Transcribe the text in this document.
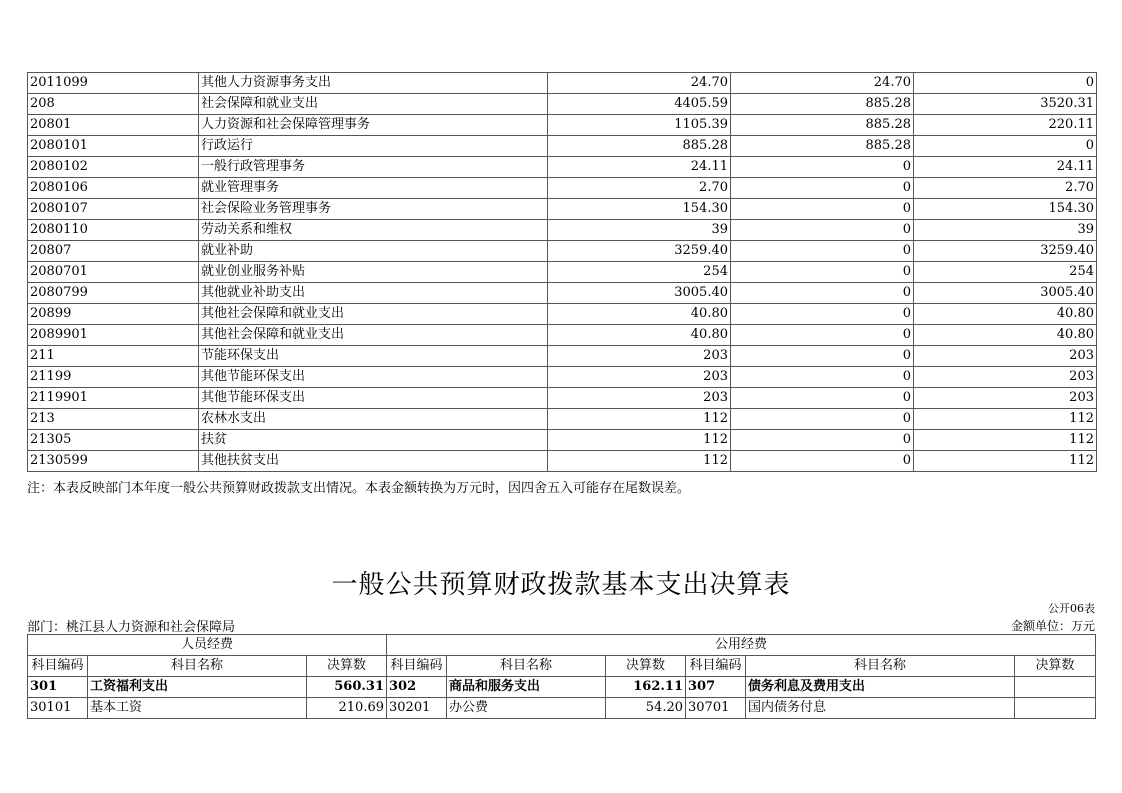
2011099	其他人力资源事务支出	24.70	24.70	0
208	社会保障和就业支出	4405.59	885.28	3520.31
20801	人力资源和社会保障管理事务	1105.39	885.28	220.11
2080101	行政运行	885.28	885.28	0
2080102	一般行政管理事务	24.11	0	24.11
2080106	就业管理事务	2.70	0	2.70
2080107	社会保险业务管理事务	154.30	0	154.30
2080110	劳动关系和维权	39	0	39
20807	就业补助	3259.40	0	3259.40
2080701	就业创业服务补贴	254	0	254
2080799	其他就业补助支出	3005.40	0	3005.40
20899	其他社会保障和就业支出	40.80	0	40.80
2089901	其他社会保障和就业支出	40.80	0	40.80
211	节能环保支出	203	0	203
21199	其他节能环保支出	203	0	203
2119901	其他节能环保支出	203	0	203
213	农林水支出	112	0	112
21305	扶贫	112	0	112
2130599	其他扶贫支出	112	0	112
注：本表反映部门本年度一般公共预算财政拨款支出情况。本表金额转换为万元时，因四舍五入可能存在尾数误差。
一般公共预算财政拨款基本支出决算表
公开06表
部门：桃江县人力资源和社会保障局	金额单位：万元
人员经费			公用经费					
科目编码	科目名称	决算数	科目编码	科目名称	决算数	科目编码	科目名称	决算数
301	工资福利支出	560.31	302	商品和服务支出	162.11	307	债务利息及费用支出	
30101	基本工资	210.69	30201	办公费	54.20	30701	国内债务付息	
